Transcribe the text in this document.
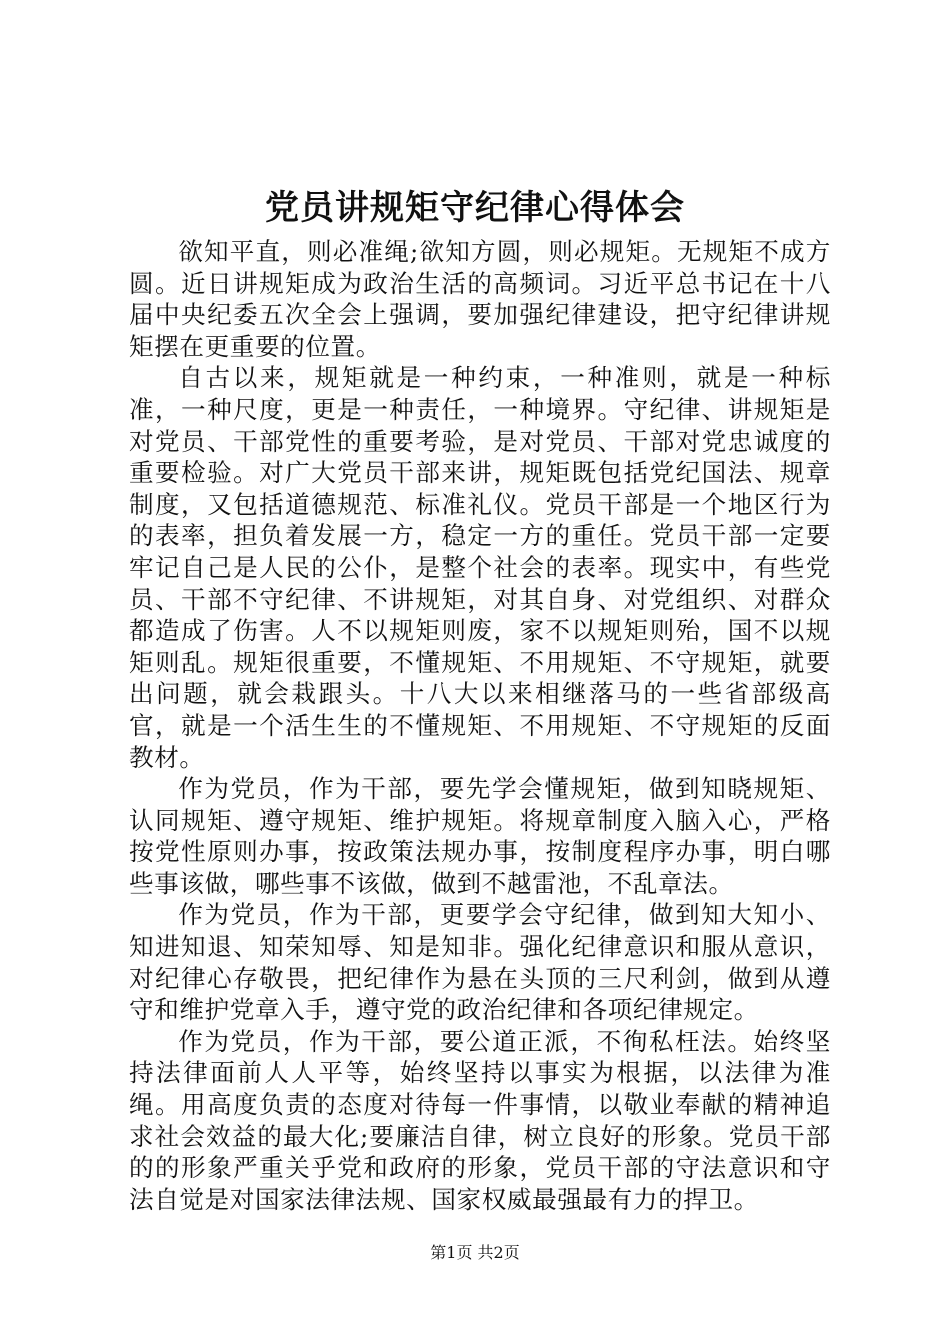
党员讲规矩守纪律心得体会

欲知平直，则必准绳;欲知方圆，则必规矩。无规矩不成方圆。近日讲规矩成为政治生活的高频词。习近平总书记在十八届中央纪委五次全会上强调，要加强纪律建设，把守纪律讲规矩摆在更重要的位置。

自古以来，规矩就是一种约束，一种准则，就是一种标准，一种尺度，更是一种责任，一种境界。守纪律、讲规矩是对党员、干部党性的重要考验，是对党员、干部对党忠诚度的重要检验。对广大党员干部来讲，规矩既包括党纪国法、规章制度，又包括道德规范、标准礼仪。党员干部是一个地区行为的表率，担负着发展一方，稳定一方的重任。党员干部一定要牢记自己是人民的公仆，是整个社会的表率。现实中，有些党员、干部不守纪律、不讲规矩，对其自身、对党组织、对群众都造成了伤害。人不以规矩则废，家不以规矩则殆，国不以规矩则乱。规矩很重要，不懂规矩、不用规矩、不守规矩，就要出问题，就会栽跟头。十八大以来相继落马的一些省部级高官，就是一个活生生的不懂规矩、不用规矩、不守规矩的反面教材。

作为党员，作为干部，要先学会懂规矩，做到知晓规矩、认同规矩、遵守规矩、维护规矩。将规章制度入脑入心，严格按党性原则办事，按政策法规办事，按制度程序办事，明白哪些事该做，哪些事不该做，做到不越雷池，不乱章法。

作为党员，作为干部，更要学会守纪律，做到知大知小、知进知退、知荣知辱、知是知非。强化纪律意识和服从意识，对纪律心存敬畏，把纪律作为悬在头顶的三尺利剑，做到从遵守和维护党章入手，遵守党的政治纪律和各项纪律规定。

作为党员，作为干部，要公道正派，不徇私枉法。始终坚持法律面前人人平等，始终坚持以事实为根据，以法律为准绳。用高度负责的态度对待每一件事情，以敬业奉献的精神追求社会效益的最大化;要廉洁自律，树立良好的形象。党员干部的的形象严重关乎党和政府的形象，党员干部的守法意识和守法自觉是对国家法律法规、国家权威最强最有力的捍卫。

第1页 共2页
